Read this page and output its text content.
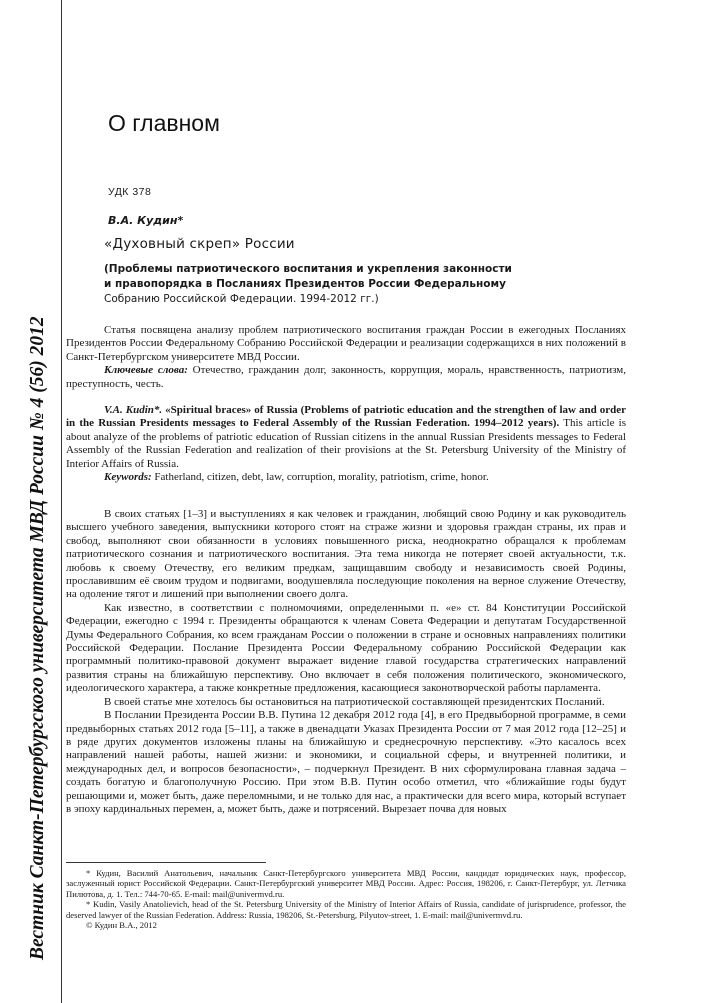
Вестник Санкт-Петербургского университета МВД России № 4 (56) 2012
О главном
УДК 378
В.А. Кудин*
«Духовный скреп» России
(Проблемы патриотического воспитания и укрепления законности
и правопорядка в Посланиях Президентов России Федеральному
Собранию Российской Федерации. 1994-2012 гг.)

Статья посвящена анализу проблем патриотического воспитания граждан России в ежегодных Посланиях Президентов России Федеральному Собранию Российской Федерации и реализации содержащихся в них положений в Санкт-Петербургском университете МВД России.

Ключевые слова: Отечество, гражданин долг, законность, коррупция, мораль, нравственность, патриотизм, преступность, честь.

V.A. Kudin*. «Spiritual braces» of Russia (Problems of patriotic education and the strengthen of law and order in the Russian Presidents messages to Federal Assembly of the Russian Federation. 1994–2012 years). This article is about analyze of the problems of patriotic education of Russian citizens in the annual Russian Presidents messages to Federal Assembly of the Russian Federation and realization of their provisions at the St. Petersburg University of the Ministry of Interior Affairs of Russia.

Keywords: Fatherland, citizen, debt, law, corruption, morality, patriotism, crime, honor.

В своих статьях [1–3] и выступлениях я как человек и гражданин, любящий свою Родину и как руководитель высшего учебного заведения, выпускники которого стоят на страже жизни и здоровья граждан страны, их прав и свобод, выполняют свои обязанности в условиях повышенного риска, неоднократно обращался к проблемам патриотического сознания и патриотического воспитания. Эта тема никогда не потеряет своей актуальности, т.к. любовь к своему Отечеству, его великим предкам, защищавшим свободу и независимость своей Родины, прославившим её своим трудом и подвигами, воодушевляла последующие поколения на верное служение Отечеству, на одоление тягот и лишений при выполнении своего долга.

Как известно, в соответствии с полномочиями, определенными п. «е» ст. 84 Конституции Российской Федерации, ежегодно с 1994 г. Президенты обращаются к членам Совета Федерации и депутатам Государственной Думы Федерального Собрания, ко всем гражданам России о положении в стране и основных направлениях политики Российской Федерации. Послание Президента России Федеральному собранию Российской Федерации как программный политико-правовой документ выражает видение главой государства стратегических направлений развития страны на ближайшую перспективу. Оно включает в себя положения политического, экономического, идеологического характера, а также конкретные предложения, касающиеся законотворческой работы парламента.

В своей статье мне хотелось бы остановиться на патриотической составляющей президентских Посланий.

В Послании Президента России В.В. Путина 12 декабря 2012 года [4], в его Предвыборной программе, в семи предвыборных статьях 2012 года [5–11], а также в двенадцати Указах Президента России от 7 мая 2012 года [12–25] и в ряде других документов изложены планы на ближайшую и среднесрочную перспективу. «Это касалось всех направлений нашей работы, нашей жизни: и экономики, и социальной сферы, и внутренней политики, и международных дел, и вопросов безопасности», – подчеркнул Президент. В них сформулирована главная задача – создать богатую и благополучную Россию. При этом В.В. Путин особо отметил, что «ближайшие годы будут решающими и, может быть, даже переломными, и не только для нас, а практически для всего мира, который вступает в эпоху кардинальных перемен, а, может быть, даже и потрясений. Вырезает почва для новых

* Кудин, Василий Анатольевич, начальник Санкт-Петербургского университета МВД России, кандидат юридических наук, профессор, заслуженный юрист Российской Федерации. Санкт-Петербургский университет МВД России. Адрес: Россия, 198206, г. Санкт-Петербург, ул. Летчика Пилютова, д. 1. Тел.: 744-70-65. E-mail: mail@univermvd.ru.

* Kudin, Vasily Anatolievich, head of the St. Petersburg University of the Ministry of Interior Affairs of Russia, candidate of jurisprudence, professor, the deserved lawyer of the Russian Federation. Address: Russia, 198206, St.-Petersburg, Pilyutov-street, 1. E-mail: mail@univermvd.ru.

© Кудин В.А., 2012
